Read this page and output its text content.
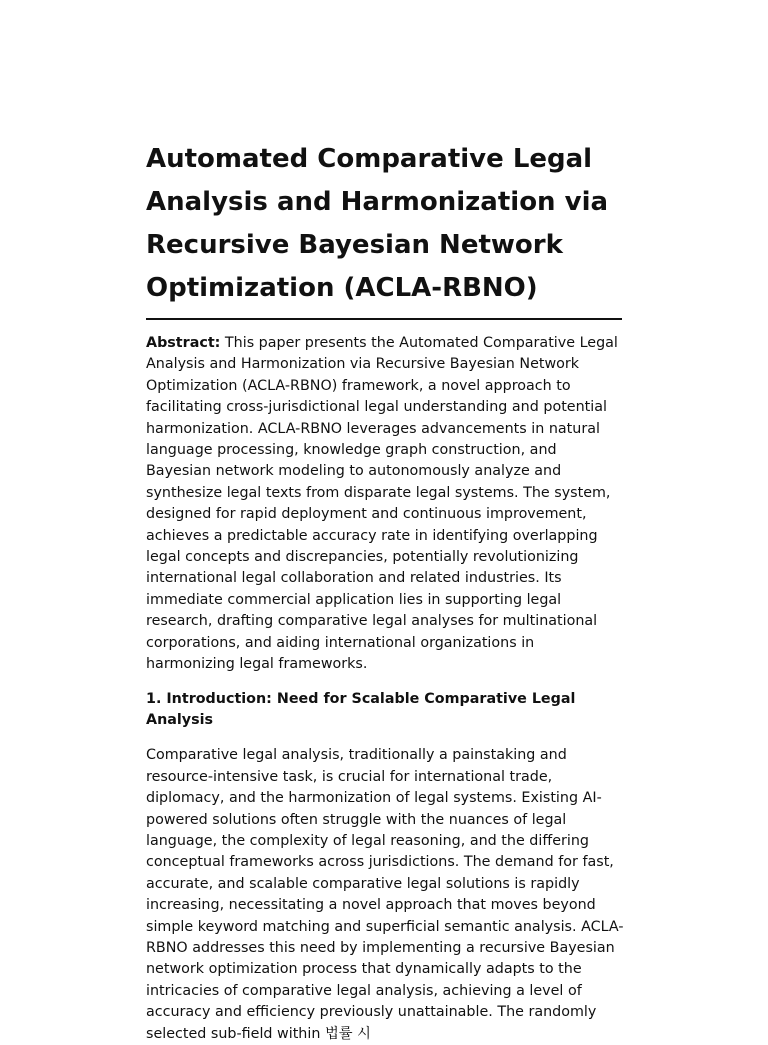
Automated Comparative Legal Analysis and Harmonization via Recursive Bayesian Network Optimization (ACLA-RBNO)
Abstract: This paper presents the Automated Comparative Legal Analysis and Harmonization via Recursive Bayesian Network Optimization (ACLA-RBNO) framework, a novel approach to facilitating cross-jurisdictional legal understanding and potential harmonization. ACLA-RBNO leverages advancements in natural language processing, knowledge graph construction, and Bayesian network modeling to autonomously analyze and synthesize legal texts from disparate legal systems. The system, designed for rapid deployment and continuous improvement, achieves a predictable accuracy rate in identifying overlapping legal concepts and discrepancies, potentially revolutionizing international legal collaboration and related industries. Its immediate commercial application lies in supporting legal research, drafting comparative legal analyses for multinational corporations, and aiding international organizations in harmonizing legal frameworks.
1. Introduction: Need for Scalable Comparative Legal Analysis
Comparative legal analysis, traditionally a painstaking and resource-intensive task, is crucial for international trade, diplomacy, and the harmonization of legal systems. Existing AI-powered solutions often struggle with the nuances of legal language, the complexity of legal reasoning, and the differing conceptual frameworks across jurisdictions. The demand for fast, accurate, and scalable comparative legal solutions is rapidly increasing, necessitating a novel approach that moves beyond simple keyword matching and superficial semantic analysis. ACLA-RBNO addresses this need by implementing a recursive Bayesian network optimization process that dynamically adapts to the intricacies of comparative legal analysis, achieving a level of accuracy and efficiency previously unattainable. The randomly selected sub-field within 법률 시
